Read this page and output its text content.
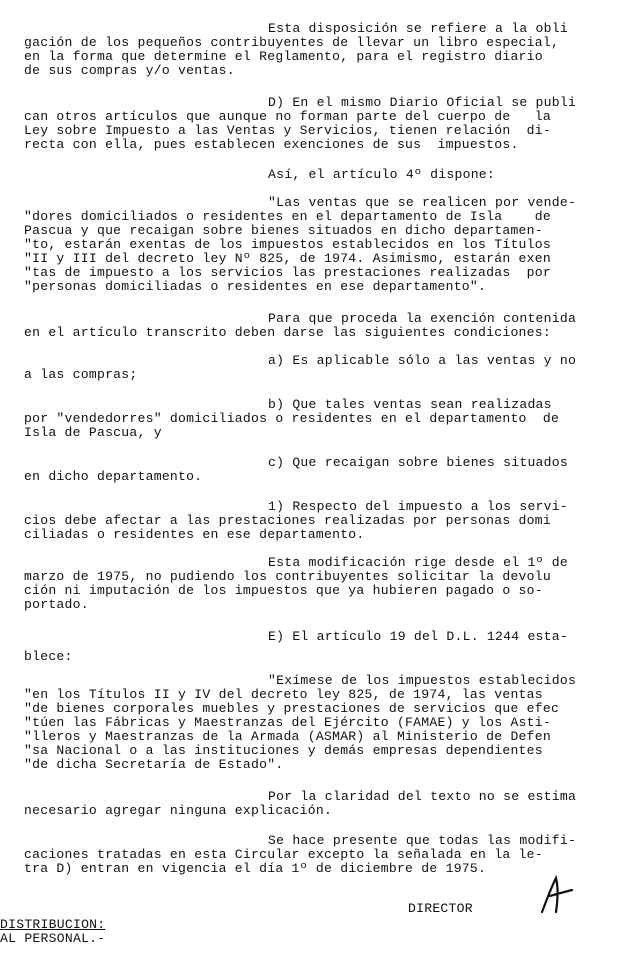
Esta disposición se refiere a la obli
gación de los pequeños contribuyentes de llevar un libro especial,
en la forma que determine el Reglamento, para el registro diario
de sus compras y/o ventas.
D) En el mismo Diario Oficial se publi
can otros artículos que aunque no forman parte del cuerpo de   la
Ley sobre Impuesto a las Ventas y Servicios, tienen relación  di-
recta con ella, pues establecen exenciones de sus  impuestos.
Así, el artículo 4º dispone:
"Las ventas que se realicen por vende-
"dores domiciliados o residentes en el departamento de Isla    de
Pascua y que recaigan sobre bienes situados en dicho departamen-
"to, estarán exentas de los impuestos establecidos en los Títulos
"II y III del decreto ley Nº 825, de 1974. Asimismo, estarán exen
"tas de impuesto a los servicios las prestaciones realizadas  por
"personas domiciliadas o residentes en ese departamento".
Para que proceda la exención contenida
en el artículo transcrito deben darse las siguientes condiciones:
a) Es aplicable sólo a las ventas y no
a las compras;
b) Que tales ventas sean realizadas
por "vendedorres" domiciliados o residentes en el departamento  de
Isla de Pascua, y
c) Que recaigan sobre bienes situados
en dicho departamento.
1) Respecto del impuesto a los servi-
cios debe afectar a las prestaciones realizadas por personas domi
ciliadas o residentes en ese departamento.
Esta modificación rige desde el 1º de
marzo de 1975, no pudiendo los contribuyentes solicitar la devolu
ción ni imputación de los impuestos que ya hubieren pagado o so-
portado.
E) El artículo 19 del D.L. 1244 esta-
blece:
"Exímese de los impuestos establecidos
"en los Títulos II y IV del decreto ley 825, de 1974, las ventas
"de bienes corporales muebles y prestaciones de servicios que efec
"túen las Fábricas y Maestranzas del Ejército (FAMAE) y los Asti-
"lleros y Maestranzas de la Armada (ASMAR) al Ministerio de Defen
"sa Nacional o a las instituciones y demás empresas dependientes
"de dicha Secretaría de Estado".
Por la claridad del texto no se estima
necesario agregar ninguna explicación.
Se hace presente que todas las modifi-
caciones tratadas en esta Circular excepto la señalada en la le-
tra D) entran en vigencia el día 1º de diciembre de 1975.
DIRECTOR
DISTRIBUCION:
AL PERSONAL.-
